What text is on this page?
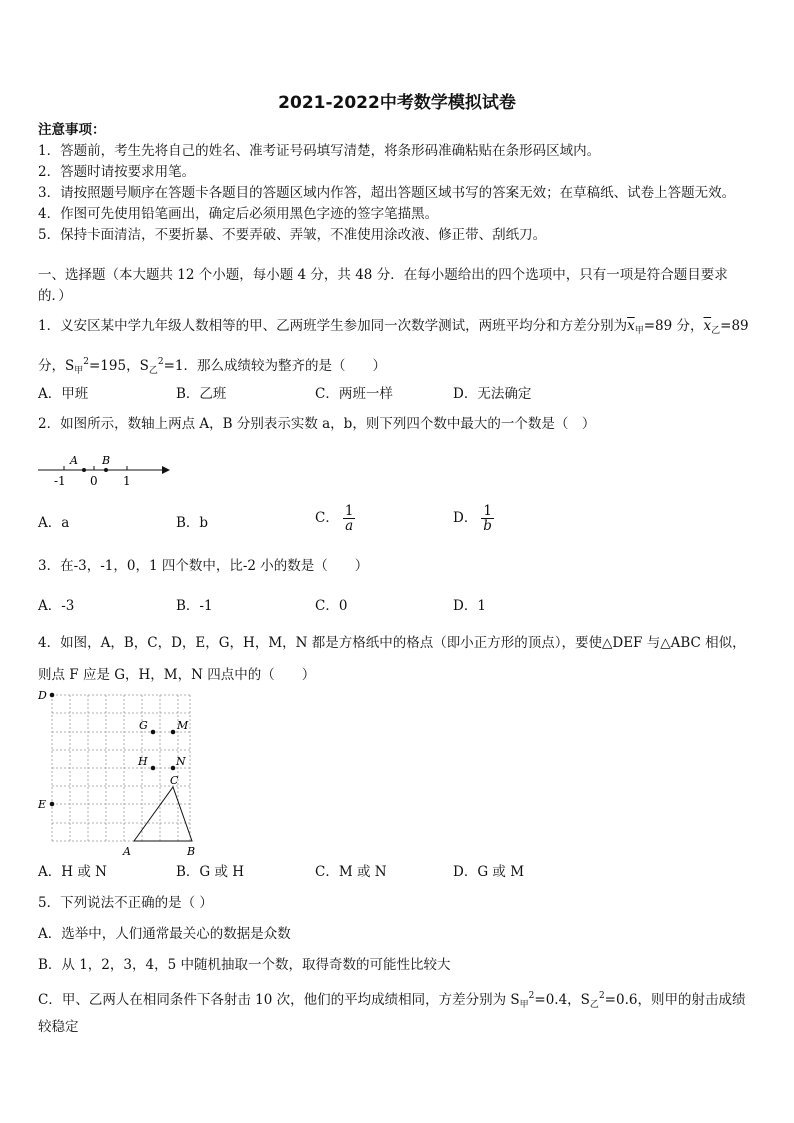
2021-2022中考数学模拟试卷
注意事项：
1．答题前，考生先将自己的姓名、准考证号码填写清楚，将条形码准确粘贴在条形码区域内。
2．答题时请按要求用笔。
3．请按照题号顺序在答题卡各题目的答题区域内作答，超出答题区域书写的答案无效；在草稿纸、试卷上答题无效。
4．作图可先使用铅笔画出，确定后必须用黑色字迹的签字笔描黑。
5．保持卡面清洁，不要折暴、不要弄破、弄皱，不准使用涂改液、修正带、刮纸刀。
一、选择题（本大题共 12 个小题，每小题 4 分，共 48 分．在每小题给出的四个选项中，只有一项是符合题目要求
的．）
1．义安区某中学九年级人数相等的甲、乙两班学生参加同一次数学测试，两班平均分和方差分别为$\overline{x}_甲=89$ 分，$\overline{x}_乙=89$
分，$S_甲^2=195$，$S_乙^2=1$．那么成绩较为整齐的是（　　）
A．甲班	B．乙班	C．两班一样	D．无法确定
2．如图所示，数轴上两点 A，B 分别表示实数 a，b，则下列四个数中最大的一个数是（　）
A B
-1 0 1
A．a	B．b	C． $\frac{1}{a}$	D． $\frac{1}{b}$
3．在-3，-1，0，1 四个数中，比-2 小的数是（　　）
A．-3	B．-1	C．0	D．1
4．如图，A，B，C，D，E，G，H，M，N 都是方格纸中的格点（即小正方形的顶点），要使△DEF 与△ABC 相似，
则点 F 应是 G，H，M，N 四点中的（　　）
D
G	M
H	N
C
E
A	B
A．H 或 N	B．G 或 H	C．M 或 N	D．G 或 M
5．下列说法不正确的是（ ）
A．选举中，人们通常最关心的数据是众数
B．从 1，2，3，4，5 中随机抽取一个数，取得奇数的可能性比较大
C．甲、乙两人在相同条件下各射击 10 次，他们的平均成绩相同，方差分别为 $S_甲^2=0.4$，$S_乙^2=0.6$，则甲的射击成绩
较稳定
